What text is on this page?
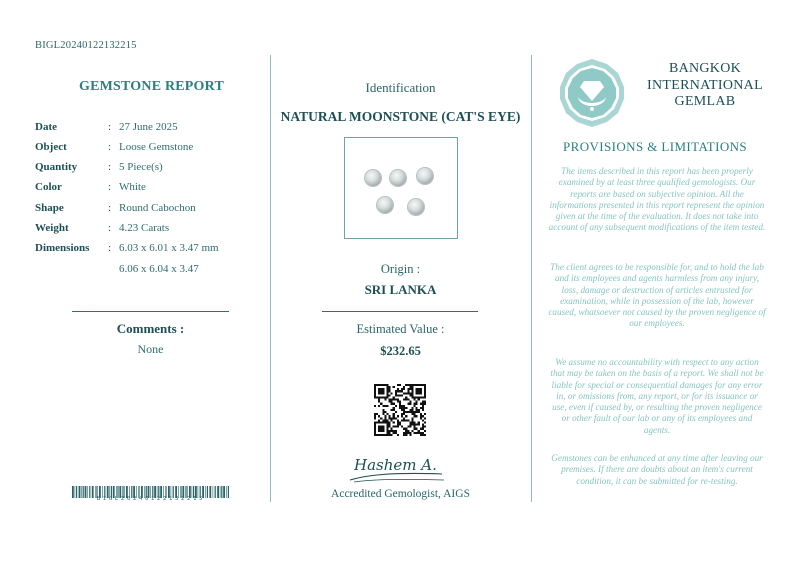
BIGL20240122132215
GEMSTONE REPORT
Date	: 27 June 2025
Object	: Loose Gemstone
Quantity	: 5 Piece(s)
Color	: White
Shape	: Round Cabochon
Weight	: 4.23 Carats
Dimensions : 6.03 x 6.01 x 3.47 mm
6.06 x 6.04 x 3.47
Comments :
None
BIGL20240122132215
Identification
NATURAL MOONSTONE (CAT'S EYE)
Origin :
SRI LANKA
Estimated Value :
$232.65
Hashem A.
Accredited Gemologist, AIGS
BANGKOK
INTERNATIONAL
GEMLAB
PROVISIONS & LIMITATIONS
The items described in this report has been properly examined by at least three qualified gemologists. Our reports are based on subjective opinion. All the informations presented in this report represent the opinion given at the time of the evaluation. It does not take into account of any subsequent modifications of the item tested.
The client agrees to be responsible for, and to hold the lab and its employees and agents harmless from any injury, loss, damage or destruction of articles entrusted for examination, while in possession of the lab, however caused, whatsoever not caused by the proven negligence of our employees.
We assume no accountability with respect to any action that may be taken on the basis of a report. We shall not be liable for special or consequential damages for any error in, or omissions from, any report, or for its issuance or use, even if caused by, or resulting the proven negligence or other fault of our lab or any of its employees and agents.
Gemstones can be enhanced at any time after leaving our premises. If there are doubts about an item's current condition, it can be submitted for re-testing.
